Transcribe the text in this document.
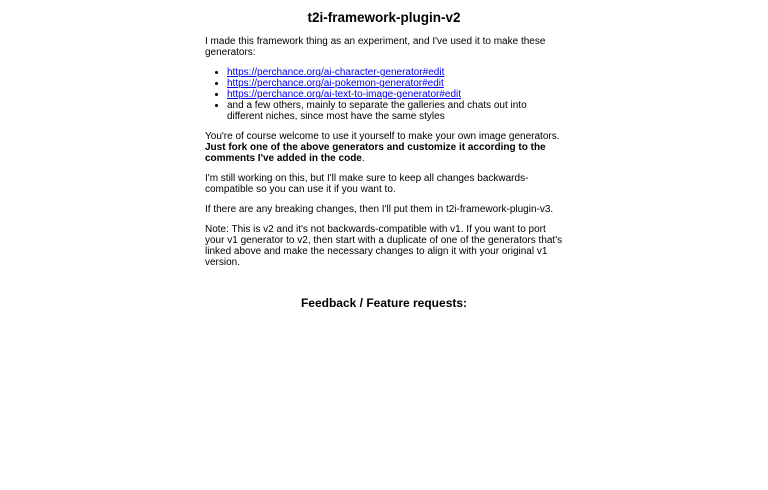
t2i-framework-plugin-v2

I made this framework thing as an experiment, and I've used it to make these generators:

• https://perchance.org/ai-character-generator#edit
• https://perchance.org/ai-pokemon-generator#edit
• https://perchance.org/ai-text-to-image-generator#edit
• and a few others, mainly to separate the galleries and chats out into different niches, since most have the same styles

You're of course welcome to use it yourself to make your own image generators. Just fork one of the above generators and customize it according to the comments I've added in the code.

I'm still working on this, but I'll make sure to keep all changes backwards-compatible so you can use it if you want to.

If there are any breaking changes, then I'll put them in t2i-framework-plugin-v3.

Note: This is v2 and it's not backwards-compatible with v1. If you want to port your v1 generator to v2, then start with a duplicate of one of the generators that's linked above and make the necessary changes to align it with your original v1 version.

Feedback / Feature requests:
